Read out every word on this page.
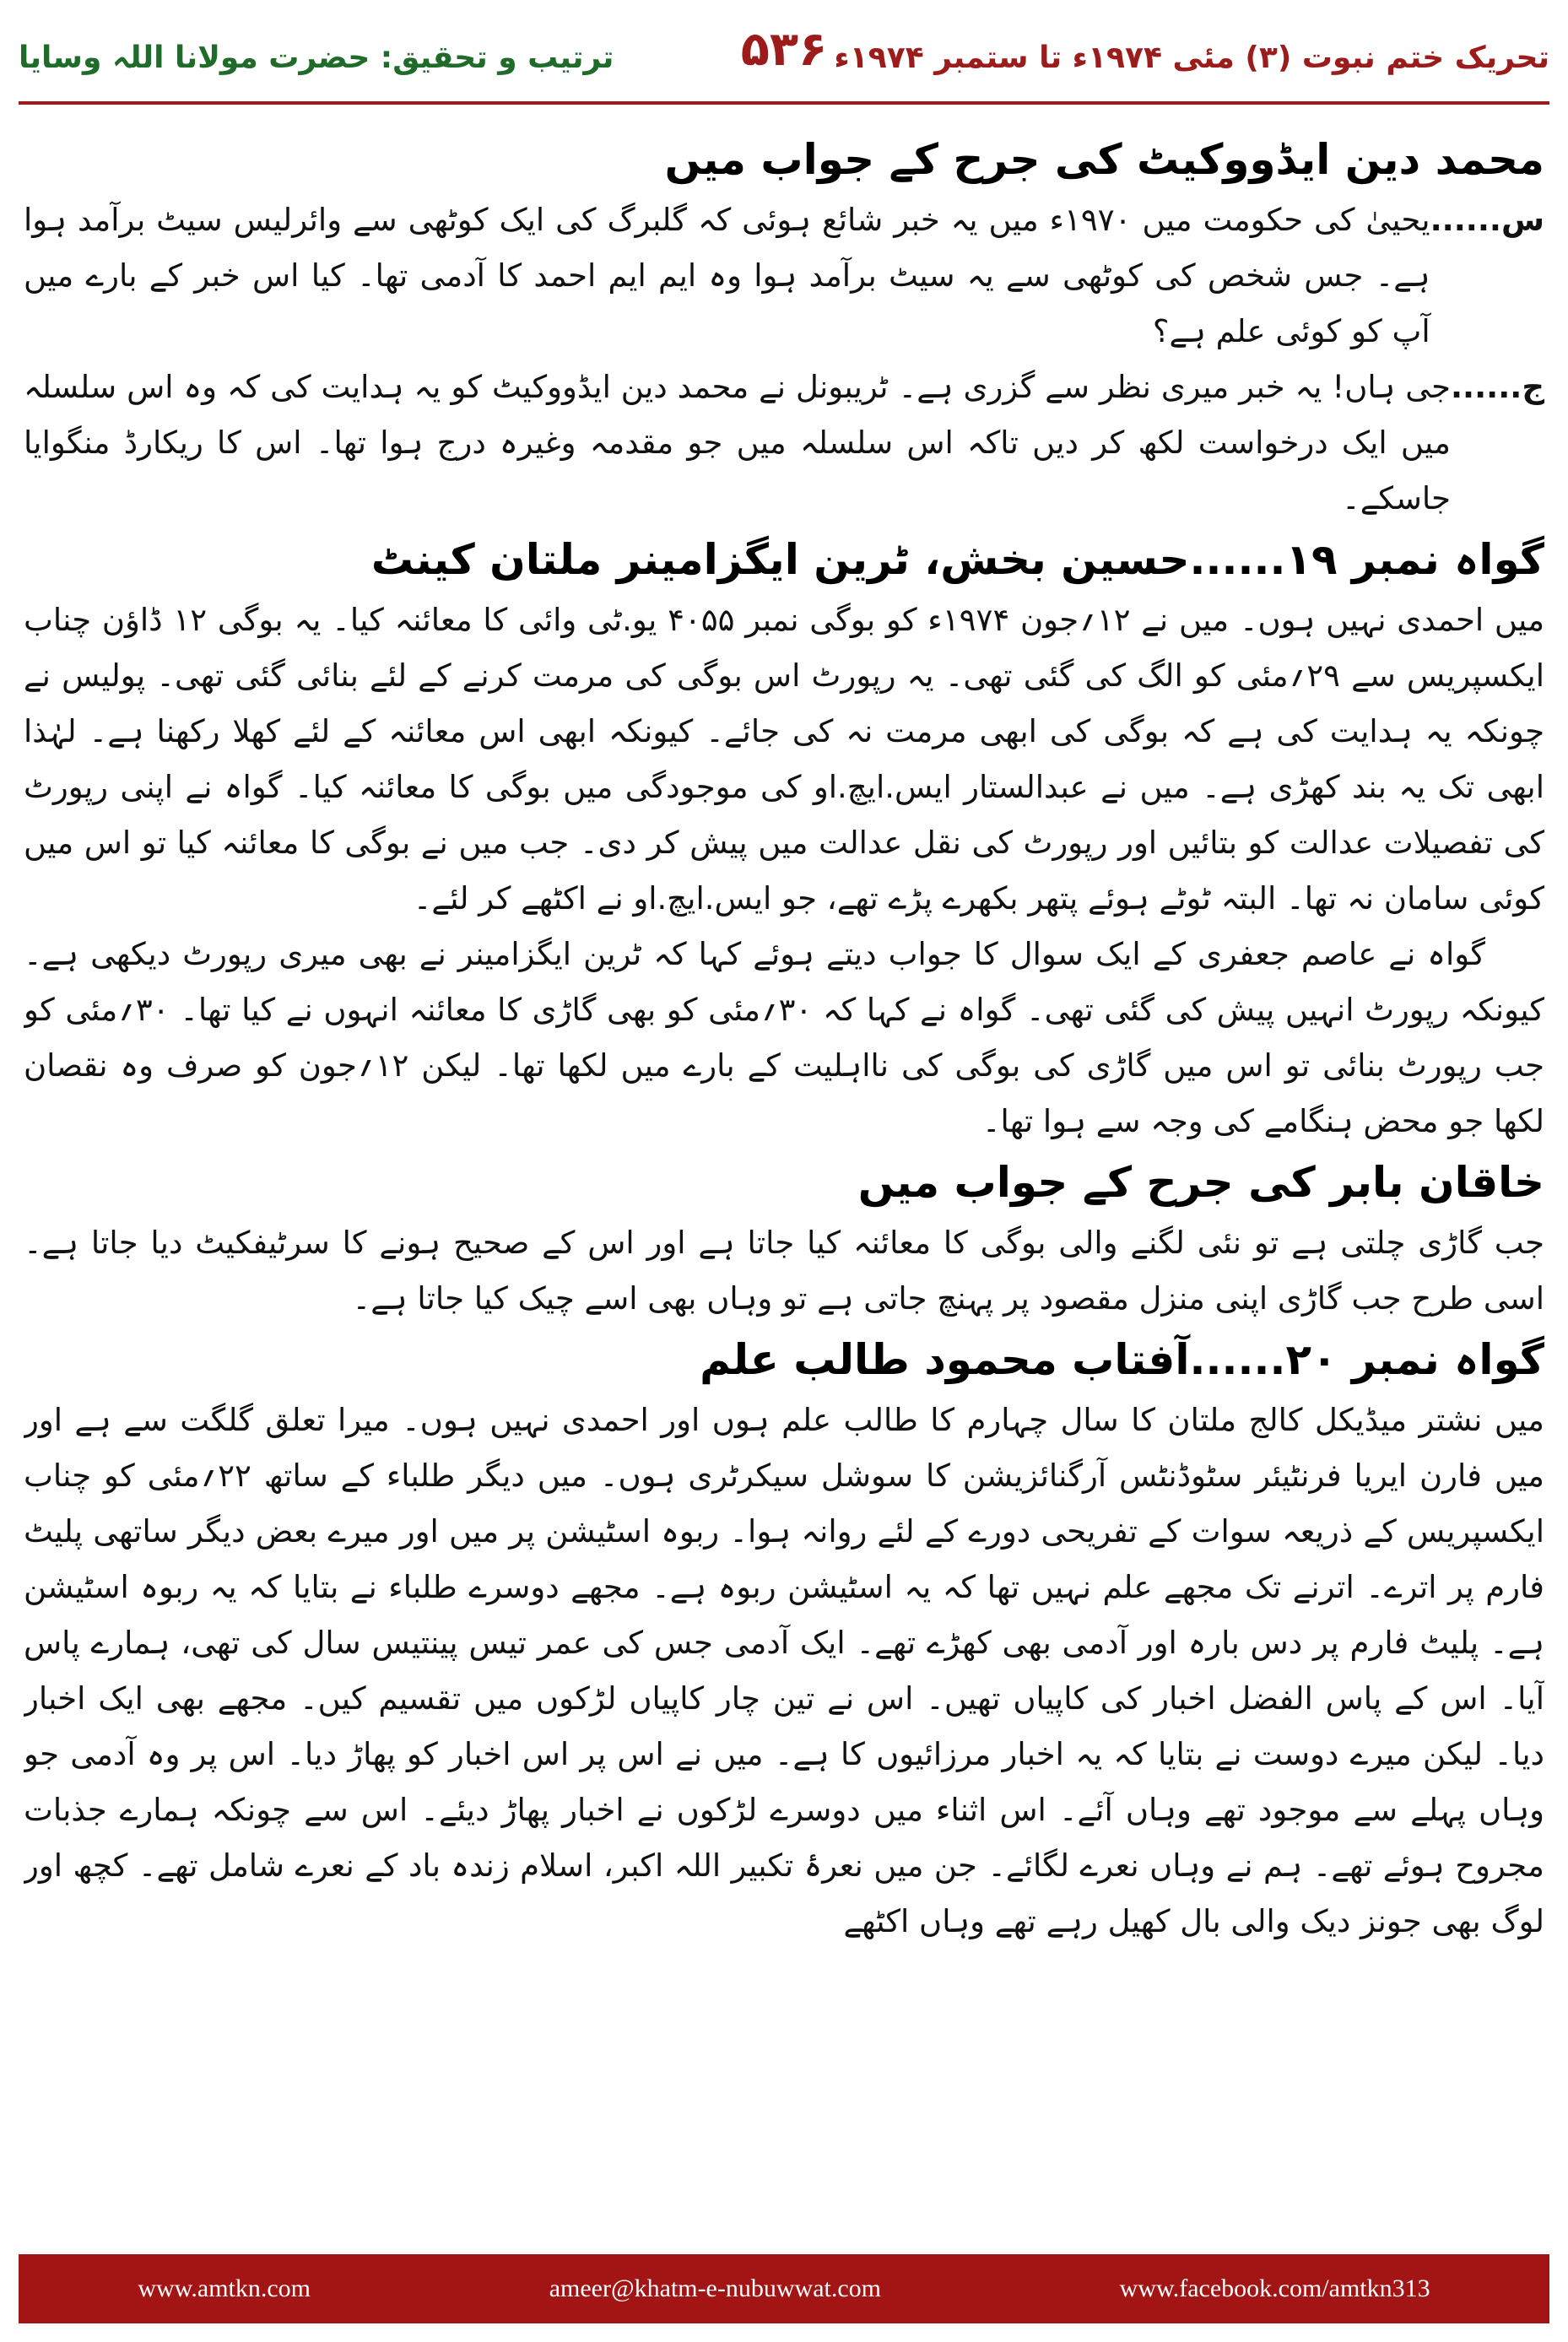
تحریک ختم نبوت (۳) مئی ۱۹۷۴ء تا ستمبر ۱۹۷۴ء
۵۳۶
ترتیب و تحقیق: حضرت مولانا اللہ وسایا
محمد دین ایڈووکیٹ کی جرح کے جواب میں
س......
یحییٰ کی حکومت میں ۱۹۷۰ء میں یہ خبر شائع ہوئی کہ گلبرگ کی ایک کوٹھی سے وائرلیس سیٹ برآمد ہوا ہے۔ جس شخص کی کوٹھی سے یہ سیٹ برآمد ہوا وہ ایم ایم احمد کا آدمی تھا۔ کیا اس خبر کے بارے میں آپ کو کوئی علم ہے؟
ج......
جی ہاں! یہ خبر میری نظر سے گزری ہے۔ ٹریبونل نے محمد دین ایڈووکیٹ کو یہ ہدایت کی کہ وہ اس سلسلہ میں ایک درخواست لکھ کر دیں تاکہ اس سلسلہ میں جو مقدمہ وغیرہ درج ہوا تھا۔ اس کا ریکارڈ منگوایا جاسکے۔
گواہ نمبر ۱۹......حسین بخش، ٹرین ایگزامینر ملتان کینٹ

میں احمدی نہیں ہوں۔ میں نے ۱۲؍جون ۱۹۷۴ء کو بوگی نمبر ۴۰۵۵ یو.ٹی وائی کا معائنہ کیا۔ یہ بوگی ۱۲ ڈاؤن چناب ایکسپریس سے ۲۹؍مئی کو الگ کی گئی تھی۔ یہ رپورٹ اس بوگی کی مرمت کرنے کے لئے بنائی گئی تھی۔ پولیس نے چونکہ یہ ہدایت کی ہے کہ بوگی کی ابھی مرمت نہ کی جائے۔ کیونکہ ابھی اس معائنہ کے لئے کھلا رکھنا ہے۔ لہٰذا ابھی تک یہ بند کھڑی ہے۔ میں نے عبدالستار ایس.ایچ.او کی موجودگی میں بوگی کا معائنہ کیا۔ گواہ نے اپنی رپورٹ کی تفصیلات عدالت کو بتائیں اور رپورٹ کی نقل عدالت میں پیش کر دی۔ جب میں نے بوگی کا معائنہ کیا تو اس میں کوئی سامان نہ تھا۔ البتہ ٹوٹے ہوئے پتھر بکھرے پڑے تھے، جو ایس.ایچ.او نے اکٹھے کر لئے۔

گواہ نے عاصم جعفری کے ایک سوال کا جواب دیتے ہوئے کہا کہ ٹرین ایگزامینر نے بھی میری رپورٹ دیکھی ہے۔ کیونکہ رپورٹ انہیں پیش کی گئی تھی۔ گواہ نے کہا کہ ۳۰؍مئی کو بھی گاڑی کا معائنہ انہوں نے کیا تھا۔ ۳۰؍مئی کو جب رپورٹ بنائی تو اس میں گاڑی کی بوگی کی نااہلیت کے بارے میں لکھا تھا۔ لیکن ۱۲؍جون کو صرف وہ نقصان لکھا جو محض ہنگامے کی وجہ سے ہوا تھا۔

خاقان بابر کی جرح کے جواب میں

جب گاڑی چلتی ہے تو نئی لگنے والی بوگی کا معائنہ کیا جاتا ہے اور اس کے صحیح ہونے کا سرٹیفکیٹ دیا جاتا ہے۔ اسی طرح جب گاڑی اپنی منزل مقصود پر پہنچ جاتی ہے تو وہاں بھی اسے چیک کیا جاتا ہے۔

گواہ نمبر ۲۰......آفتاب محمود طالب علم

میں نشتر میڈیکل کالج ملتان کا سال چہارم کا طالب علم ہوں اور احمدی نہیں ہوں۔ میرا تعلق گلگت سے ہے اور میں فارن ایریا فرنٹیئر سٹوڈنٹس آرگنائزیشن کا سوشل سیکرٹری ہوں۔ میں دیگر طلباء کے ساتھ ۲۲؍مئی کو چناب ایکسپریس کے ذریعہ سوات کے تفریحی دورے کے لئے روانہ ہوا۔ ربوہ اسٹیشن پر میں اور میرے بعض دیگر ساتھی پلیٹ فارم پر اترے۔ اترنے تک مجھے علم نہیں تھا کہ یہ اسٹیشن ربوہ ہے۔ مجھے دوسرے طلباء نے بتایا کہ یہ ربوہ اسٹیشن ہے۔ پلیٹ فارم پر دس بارہ اور آدمی بھی کھڑے تھے۔ ایک آدمی جس کی عمر تیس پینتیس سال کی تھی، ہمارے پاس آیا۔ اس کے پاس الفضل اخبار کی کاپیاں تھیں۔ اس نے تین چار کاپیاں لڑکوں میں تقسیم کیں۔ مجھے بھی ایک اخبار دیا۔ لیکن میرے دوست نے بتایا کہ یہ اخبار مرزائیوں کا ہے۔ میں نے اس پر اس اخبار کو پھاڑ دیا۔ اس پر وہ آدمی جو وہاں پہلے سے موجود تھے وہاں آئے۔ اس اثناء میں دوسرے لڑکوں نے اخبار پھاڑ دیئے۔ اس سے چونکہ ہمارے جذبات مجروح ہوئے تھے۔ ہم نے وہاں نعرے لگائے۔ جن میں نعرۂ تکبیر اللہ اکبر، اسلام زندہ باد کے نعرے شامل تھے۔ کچھ اور لوگ بھی جونز دیک والی بال کھیل رہے تھے وہاں اکٹھے

www.amtkn.com	ameer@khatm-e-nubuwwat.com	www.facebook.com/amtkn313
